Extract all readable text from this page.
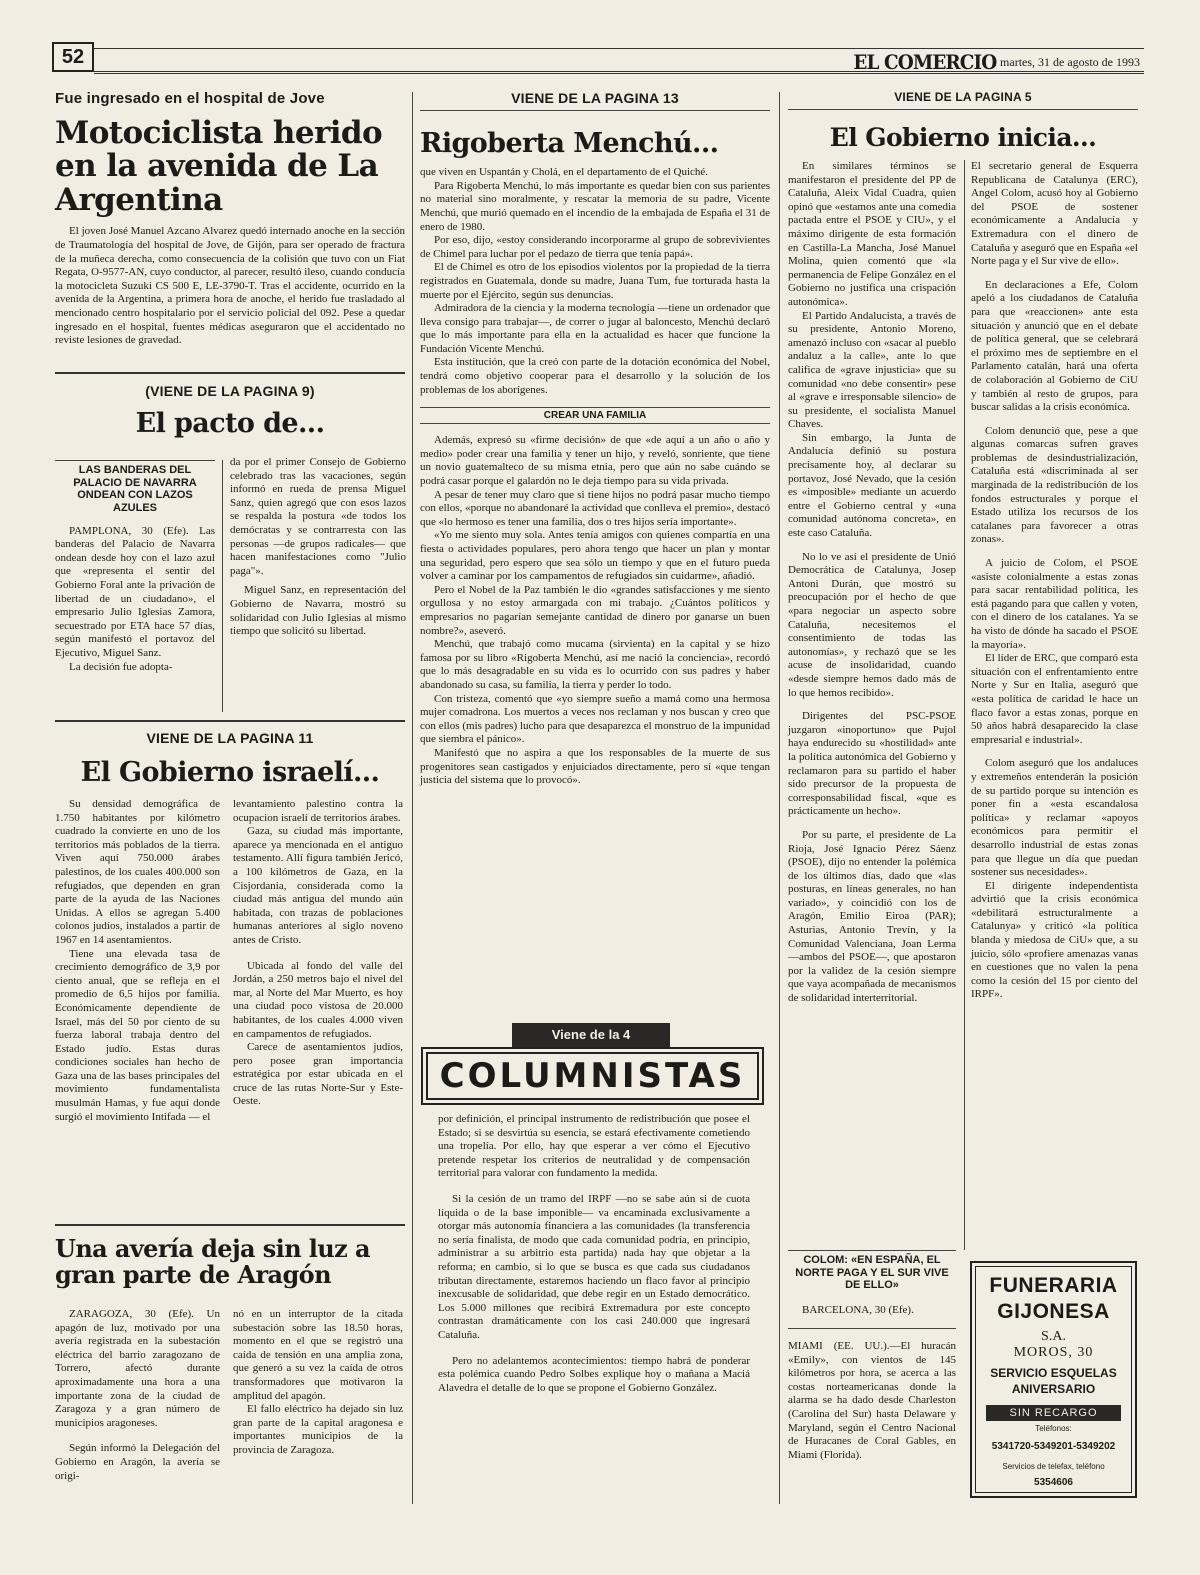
52	EL COMERCIO
. martes, 31 de agosto de 1993
Fue ingresado en el hospital de Jove
Motociclista herido en la avenida de La Argentina

El joven José Manuel Azcano Alvarez quedó internado anoche en la sección de Traumatología del hospital de Jove, de Gijón, para ser operado de fractura de la muñeca derecha, como consecuencia de la colisión que tuvo con un Fiat Regata, O-9577-AN, cuyo conductor, al parecer, resultó ileso, cuando conducía la motocicleta Suzuki CS 500 E, LE-3790-T. Tras el accidente, ocurrido en la avenida de la Argentina, a primera hora de anoche, el herido fue trasladado al mencionado centro hospitalario por el servicio policial del 092. Pese a quedar ingresado en el hospital, fuentes médicas aseguraron que el accidentado no reviste lesiones de gravedad.

(VIENE DE LA PAGINA 9)
El pacto de...
LAS BANDERAS DEL PALACIO DE NAVARRA ONDEAN CON LAZOS AZULES

PAMPLONA, 30 (Efe). Las banderas del Palacio de Navarra ondean desde hoy con el lazo azul que «representa el sentir del Gobierno Foral ante la privación de libertad de un ciudadano», el empresario Julio Iglesias Zamora, secuestrado por ETA hace 57 días, según manifestó el portavoz del Ejecutivo, Miguel Sanz.

La decisión fue adopta-

da por el primer Consejo de Gobierno celebrado tras las vacaciones, según informó en rueda de prensa Miguel Sanz, quien agregó que con esos lazos se respalda la postura «de todos los demócratas y se contrarresta con las personas —de grupos radicales— que hacen manifestaciones como "Julio paga"».

Miguel Sanz, en representación del Gobierno de Navarra, mostró su solidaridad con Julio Iglesias al mismo tiempo que solicitó su libertad.

VIENE DE LA PAGINA 11
El Gobierno israelí...

Su densidad demográfica de 1.750 habitantes por kilómetro cuadrado la convierte en uno de los territorios más poblados de la tierra. Viven aquí 750.000 árabes palestinos, de los cuales 400.000 son refugiados, que dependen en gran parte de la ayuda de las Naciones Unidas. A ellos se agregan 5.400 colonos judíos, instalados a partir de 1967 en 14 asentamientos.

Tiene una elevada tasa de crecimiento demográfico de 3,9 por ciento anual, que se refleja en el promedio de 6,5 hijos por familia. Económicamente dependiente de Israel, más del 50 por ciento de su fuerza laboral trabaja dentro del Estado judío. Estas duras condiciones sociales han hecho de Gaza una de las bases principales del movimiento fundamentalista musulmán Hamas, y fue aquí donde surgió el movimiento Intifada — el

levantamiento palestino contra la ocupacion israelí de territorios árabes.

Gaza, su ciudad más importante, aparece ya mencionada en el antiguo testamento. Allí figura también Jericó, a 100 kilómetros de Gaza, en la Cisjordania, considerada como la ciudad más antigua del mundo aún habitada, con trazas de poblaciones humanas anteriores al siglo noveno antes de Cristo.

Ubicada al fondo del valle del Jordán, a 250 metros bajo el nivel del mar, al Norte del Mar Muerto, es hoy una ciudad poco vistosa de 20.000 habitantes, de los cuales 4.000 viven en campamentos de refugiados.

Carece de asentamientos judíos, pero posee gran importancia estratégica por estar ubicada en el cruce de las rutas Norte-Sur y Este-Oeste.

Una avería deja sin luz a gran parte de Aragón

ZARAGOZA, 30 (Efe). Un apagón de luz, motivado por una avería registrada en la subestación eléctrica del barrio zaragozano de Torrero, afectó durante aproximadamente una hora a una importante zona de la ciudad de Zaragoza y a gran número de municipios aragoneses.

Según informó la Delegación del Gobierno en Aragón, la avería se origi-

nó en un interruptor de la citada subestación sobre las 18.50 horas, momento en el que se registró una caída de tensión en una amplia zona, que generó a su vez la caída de otros transformadores que motivaron la amplitud del apagón.

El fallo eléctrico ha dejado sin luz gran parte de la capital aragonesa e importantes municipios de la provincia de Zaragoza.

VIENE DE LA PAGINA 13
Rigoberta Menchú...

que viven en Uspantán y Cholá, en el departamento de el Quiché.

Para Rigoberta Menchú, lo más importante es quedar bien con sus parientes no material sino moralmente, y rescatar la memoria de su padre, Vicente Menchú, que murió quemado en el incendio de la embajada de España el 31 de enero de 1980.

Por eso, dijo, «estoy considerando incorporarme al grupo de sobrevivientes de Chimel para luchar por el pedazo de tierra que tenía papá».

El de Chimel es otro de los episodios violentos por la propiedad de la tierra registrados en Guatemala, donde su madre, Juana Tum, fue torturada hasta la muerte por el Ejército, según sus denuncias.

Admiradora de la ciencia y la moderna tecnología —tiene un ordenador que lleva consigo para trabajar—, de correr o jugar al baloncesto, Menchú declaró que lo más importante para ella en la actualidad es hacer que funcione la Fundación Vicente Menchú.

Esta institución, que la creó con parte de la dotación económica del Nobel, tendrá como objetivo cooperar para el desarrollo y la solución de los problemas de los aborígenes.

CREAR UNA FAMILIA

Además, expresó su «firme decisión» de que «de aquí a un año o año y medio» poder crear una familia y tener un hijo, y reveló, sonriente, que tiene un novio guatemalteco de su misma etnia, pero que aún no sabe cuándo se podrá casar porque el galardón no le deja tiempo para su vida privada.

A pesar de tener muy claro que si tiene hijos no podrá pasar mucho tiempo con ellos, «porque no abandonaré la actividad que conlleva el premio», destacó que «lo hermoso es tener una familia, dos o tres hijos sería importante».

«Yo me siento muy sola. Antes tenía amigos con quienes compartía en una fiesta o actividades populares, pero ahora tengo que hacer un plan y montar una seguridad, pero espero que sea sólo un tiempo y que en el futuro pueda volver a caminar por los campamentos de refugiados sin cuidarme», añadió.

Pero el Nobel de la Paz también le dio «grandes satisfacciones y me siento orgullosa y no estoy armargada con mi trabajo. ¿Cuántos políticos y empresarios no pagarían semejante cantidad de dinero por ganarse un buen nombre?», aseveró.

Menchú, que trabajó como mucama (sirvienta) en la capital y se hizo famosa por su libro «Rigoberta Menchú, así me nació la conciencia», recordó que lo más desagradable en su vida es lo ocurrido con sus padres y haber abandonado su casa, su familia, la tierra y perder lo todo.

Con tristeza, comentó que «yo siempre sueño a mamá como una hermosa mujer comadrona. Los muertos a veces nos reclaman y nos buscan y creo que con ellos (mis padres) lucho para que desaparezca el monstruo de la impunidad que siembra el pánico».

Manifestó que no aspira a que los responsables de la muerte de sus progenitores sean castigados y enjuiciados directamente, pero sí «que tengan justicia del sistema que lo provocó».

Viene de la 4
COLUMNISTAS

por definición, el principal instrumento de redistribución que posee el Estado; si se desvirtúa su esencia, se estará efectivamente cometiendo una tropelía. Por ello, hay que esperar a ver cómo el Ejecutivo pretende respetar los criterios de neutralidad y de compensación territorial para valorar con fundamento la medida.

Si la cesión de un tramo del IRPF —no se sabe aún si de cuota líquida o de la base imponible— va encaminada exclusivamente a otorgar más autonomía financiera a las comunidades (la transferencia no sería finalista, de modo que cada comunidad podría, en principio, administrar a su arbitrio esta partida) nada hay que objetar a la reforma; en cambio, si lo que se busca es que cada sus ciudadanos tributan directamente, estaremos haciendo un flaco favor al principio inexcusable de solidaridad, que debe regir en un Estado democrático. Los 5.000 millones que recibirá Extremadura por este concepto contrastan dramáticamente con los casi 240.000 que ingresará Cataluña.

Pero no adelantemos acontecimientos: tiempo habrá de ponderar esta polémica cuando Pedro Solbes explique hoy o mañana a Maciá Alavedra el detalle de lo que se propone el Gobierno González.

VIENE DE LA PAGINA 5
El Gobierno inicia...

En similares términos se manifestaron el presidente del PP de Cataluña, Aleix Vidal Cuadra, quien opinó que «estamos ante una comedia pactada entre el PSOE y CIU», y el máximo dirigente de esta formación en Castilla-La Mancha, José Manuel Molina, quien comentó que «la permanencia de Felipe González en el Gobierno no justifica una crispación autonómica».

El Partido Andalucista, a través de su presidente, Antonio Moreno, amenazó incluso con «sacar al pueblo andaluz a la calle», ante lo que califica de «grave injusticia» que su comunidad «no debe consentir» pese al «grave e irresponsable silencio» de su presidente, el socialista Manuel Chaves.

Sin embargo, la Junta de Andalucía definió su postura precisamente hoy, al declarar su portavoz, José Nevado, que la cesión es «imposible» mediante un acuerdo entre el Gobierno central y «una comunidad autónoma concreta», en este caso Cataluña.

No lo ve así el presidente de Unió Democrática de Catalunya, Josep Antoni Durán, que mostró su preocupación por el hecho de que «para negociar un aspecto sobre Cataluña, necesitemos el consentimiento de todas las autonomías», y rechazó que se les acuse de insolidaridad, cuando «desde siempre hemos dado más de lo que hemos recibido».

Dirigentes del PSC-PSOE juzgaron «inoportuno» que Pujol haya endurecido su «hostilidad» ante la política autonómica del Gobierno y reclamaron para su partido el haber sido precursor de la propuesta de corresponsabilidad fiscal, «que es prácticamente un hecho».

Por su parte, el presidente de La Rioja, José Ignacio Pérez Sáenz (PSOE), dijo no entender la polémica de los últimos días, dado que «las posturas, en líneas generales, no han variado», y coincidió con los de Aragón, Emilio Eiroa (PAR); Asturias, Antonio Trevín, y la Comunidad Valenciana, Joan Lerma —ambos del PSOE—, que apostaron por la validez de la cesión siempre que vaya acompañada de mecanismos de solidaridad interterritorial.

El secretario general de Esquerra Republicana de Catalunya (ERC), Angel Colom, acusó hoy al Gobierno del PSOE de sostener económicamente a Andalucía y Extremadura con el dinero de Cataluña y aseguró que en España «el Norte paga y el Sur vive de ello».

En declaraciones a Efe, Colom apeló a los ciudadanos de Cataluña para que «reaccionen» ante esta situación y anunció que en el debate de política general, que se celebrará el próximo mes de septiembre en el Parlamento catalán, hará una oferta de colaboración al Gobierno de CiU y también al resto de grupos, para buscar salidas a la crisis económica.

Colom denunció que, pese a que algunas comarcas sufren graves problemas de desindustrialización, Cataluña está «discriminada al ser marginada de la redistribución de los fondos estructurales y porque el Estado utiliza los recursos de los catalanes para favorecer a otras zonas».

A juicio de Colom, el PSOE «asiste colonialmente a estas zonas para sacar rentabilidad política, les está pagando para que callen y voten, con el dinero de los catalanes. Ya se ha visto de dónde ha sacado el PSOE la mayoría».

El líder de ERC, que comparó esta situación con el enfrentamiento entre Norte y Sur en Italia, aseguró que «esta política de caridad le hace un flaco favor a estas zonas, porque en 50 años habrá desaparecido la clase empresarial e industrial».

Colom aseguró que los andaluces y extremeños entenderán la posición de su partido porque su intención es poner fin a «esta escandalosa política» y reclamar «apoyos económicos para permitir el desarrollo industrial de estas zonas para que llegue un día que puedan sostener sus necesidades».

El dirigente independentista advirtió que la crisis económica «debilitará estructuralmente a Catalunya» y criticó «la política blanda y miedosa de CiU» que, a su juicio, sólo «profiere amenazas vanas en cuestiones que no valen la pena como la cesión del 15 por ciento del IRPF».

COLOM: «EN ESPAÑA, EL NORTE PAGA Y EL SUR VIVE DE ELLO»

BARCELONA, 30 (Efe).

MIAMI (EE. UU.).—El huracán «Emily», con vientos de 145 kilómetros por hora, se acerca a las costas norteamericanas donde la alarma se ha dado desde Charleston (Carolina del Sur) hasta Delaware y Maryland, según el Centro Nacional de Huracanes de Coral Gables, en Miami (Florida).

FUNERARIA GIJONESA
S.A.
MOROS, 30
SERVICIO ESQUELAS ANIVERSARIO
SIN RECARGO
Teléfonos:
5341720-5349201-5349202
Servicios de telefax, teléfono
5354606
